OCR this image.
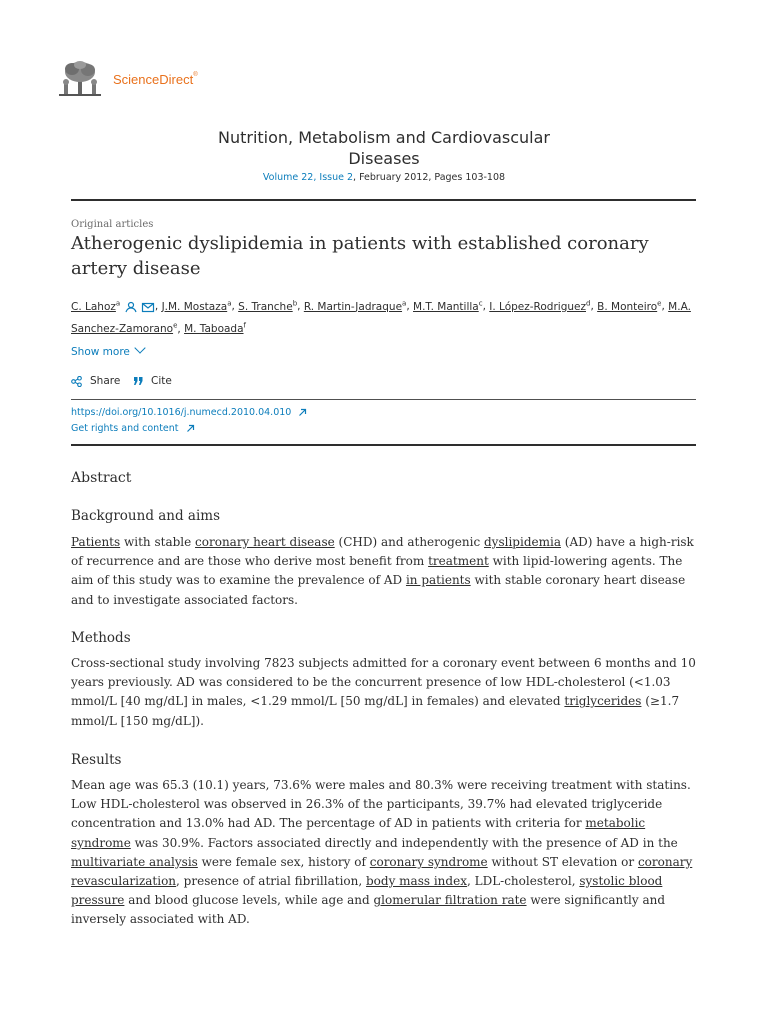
ScienceDirect®
Nutrition, Metabolism and Cardiovascular
Diseases
Volume 22, Issue 2, February 2012, Pages 103-108
Original articles
Atherogenic dyslipidemia in patients with established coronary artery disease
C. Lahoz$^a$	, J.M. Mostaza$^a$, S. Tranche$^b$, R. Martin-Jadraque$^a$, M.T. Mantilla$^c$, I. López-Rodriguez$^d$, B. Monteiro$^e$, M.A. Sanchez-Zamorano$^e$, M. Taboada$^f$
Show more
Share	Cite
https://doi.org/10.1016/j.numecd.2010.04.010
Get rights and content
Abstract
Background and aims
Patients with stable coronary heart disease (CHD) and atherogenic dyslipidemia (AD) have a high-risk of recurrence and are those who derive most benefit from treatment with lipid-lowering agents. The aim of this study was to examine the prevalence of AD in patients with stable coronary heart disease and to investigate associated factors.
Methods
Cross-sectional study involving 7823 subjects admitted for a coronary event between 6 months and 10 years previously. AD was considered to be the concurrent presence of low HDL-cholesterol (<1.03 mmol/L [40 mg/dL] in males, <1.29 mmol/L [50 mg/dL] in females) and elevated triglycerides (≥1.7 mmol/L [150 mg/dL]).
Results
Mean age was 65.3 (10.1) years, 73.6% were males and 80.3% were receiving treatment with statins. Low HDL-cholesterol was observed in 26.3% of the participants, 39.7% had elevated triglyceride concentration and 13.0% had AD. The percentage of AD in patients with criteria for metabolic syndrome was 30.9%. Factors associated directly and independently with the presence of AD in the multivariate analysis were female sex, history of coronary syndrome without ST elevation or coronary revascularization, presence of atrial fibrillation, body mass index, LDL-cholesterol, systolic blood pressure and blood glucose levels, while age and glomerular filtration rate were significantly and inversely associated with AD.
